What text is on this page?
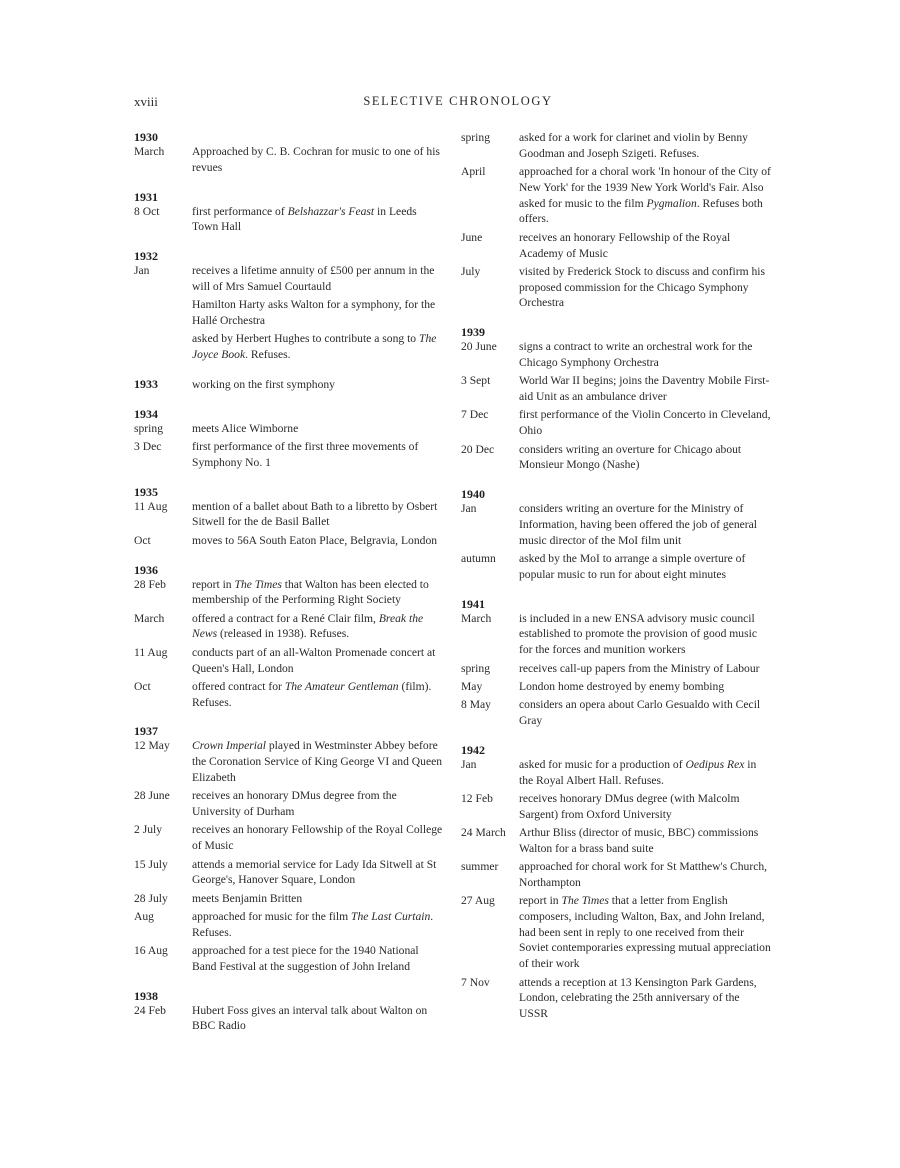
xviii	SELECTIVE CHRONOLOGY
1930
March	Approached by C. B. Cochran for music to one of his revues
1931
8 Oct	first performance of Belshazzar's Feast in Leeds Town Hall
1932
Jan	receives a lifetime annuity of £500 per annum in the will of Mrs Samuel Courtauld
Hamilton Harty asks Walton for a symphony, for the Hallé Orchestra
asked by Herbert Hughes to contribute a song to The Joyce Book. Refuses.
1933	working on the first symphony
1934
spring	meets Alice Wimborne
3 Dec	first performance of the first three movements of Symphony No. 1
1935
11 Aug	mention of a ballet about Bath to a libretto by Osbert Sitwell for the de Basil Ballet
Oct	moves to 56A South Eaton Place, Belgravia, London
1936
28 Feb	report in The Times that Walton has been elected to membership of the Performing Right Society
March	offered a contract for a René Clair film, Break the News (released in 1938). Refuses.
11 Aug	conducts part of an all-Walton Promenade concert at Queen's Hall, London
Oct	offered contract for The Amateur Gentleman (film). Refuses.
1937
12 May	Crown Imperial played in Westminster Abbey before the Coronation Service of King George VI and Queen Elizabeth
28 June	receives an honorary DMus degree from the University of Durham
2 July	receives an honorary Fellowship of the Royal College of Music
15 July	attends a memorial service for Lady Ida Sitwell at St George's, Hanover Square, London
28 July	meets Benjamin Britten
Aug	approached for music for the film The Last Curtain. Refuses.
16 Aug	approached for a test piece for the 1940 National Band Festival at the suggestion of John Ireland
1938
24 Feb	Hubert Foss gives an interval talk about Walton on BBC Radio
spring	asked for a work for clarinet and violin by Benny Goodman and Joseph Szigeti. Refuses.
April	approached for a choral work 'In honour of the City of New York' for the 1939 New York World's Fair. Also asked for music to the film Pygmalion. Refuses both offers.
June	receives an honorary Fellowship of the Royal Academy of Music
July	visited by Frederick Stock to discuss and confirm his proposed commission for the Chicago Symphony Orchestra
1939
20 June	signs a contract to write an orchestral work for the Chicago Symphony Orchestra
3 Sept	World War II begins; joins the Daventry Mobile First-aid Unit as an ambulance driver
7 Dec	first performance of the Violin Concerto in Cleveland, Ohio
20 Dec	considers writing an overture for Chicago about Monsieur Mongo (Nashe)
1940
Jan	considers writing an overture for the Ministry of Information, having been offered the job of general music director of the MoI film unit
autumn	asked by the MoI to arrange a simple overture of popular music to run for about eight minutes
1941
March	is included in a new ENSA advisory music council established to promote the provision of good music for the forces and munition workers
spring	receives call-up papers from the Ministry of Labour
May	London home destroyed by enemy bombing
8 May	considers an opera about Carlo Gesualdo with Cecil Gray
1942
Jan	asked for music for a production of Oedipus Rex in the Royal Albert Hall. Refuses.
12 Feb	receives honorary DMus degree (with Malcolm Sargent) from Oxford University
24 March	Arthur Bliss (director of music, BBC) commissions Walton for a brass band suite
summer	approached for choral work for St Matthew's Church, Northampton
27 Aug	report in The Times that a letter from English composers, including Walton, Bax, and John Ireland, had been sent in reply to one received from their Soviet contemporaries expressing mutual appreciation of their work
7 Nov	attends a reception at 13 Kensington Park Gardens, London, celebrating the 25th anniversary of the USSR
